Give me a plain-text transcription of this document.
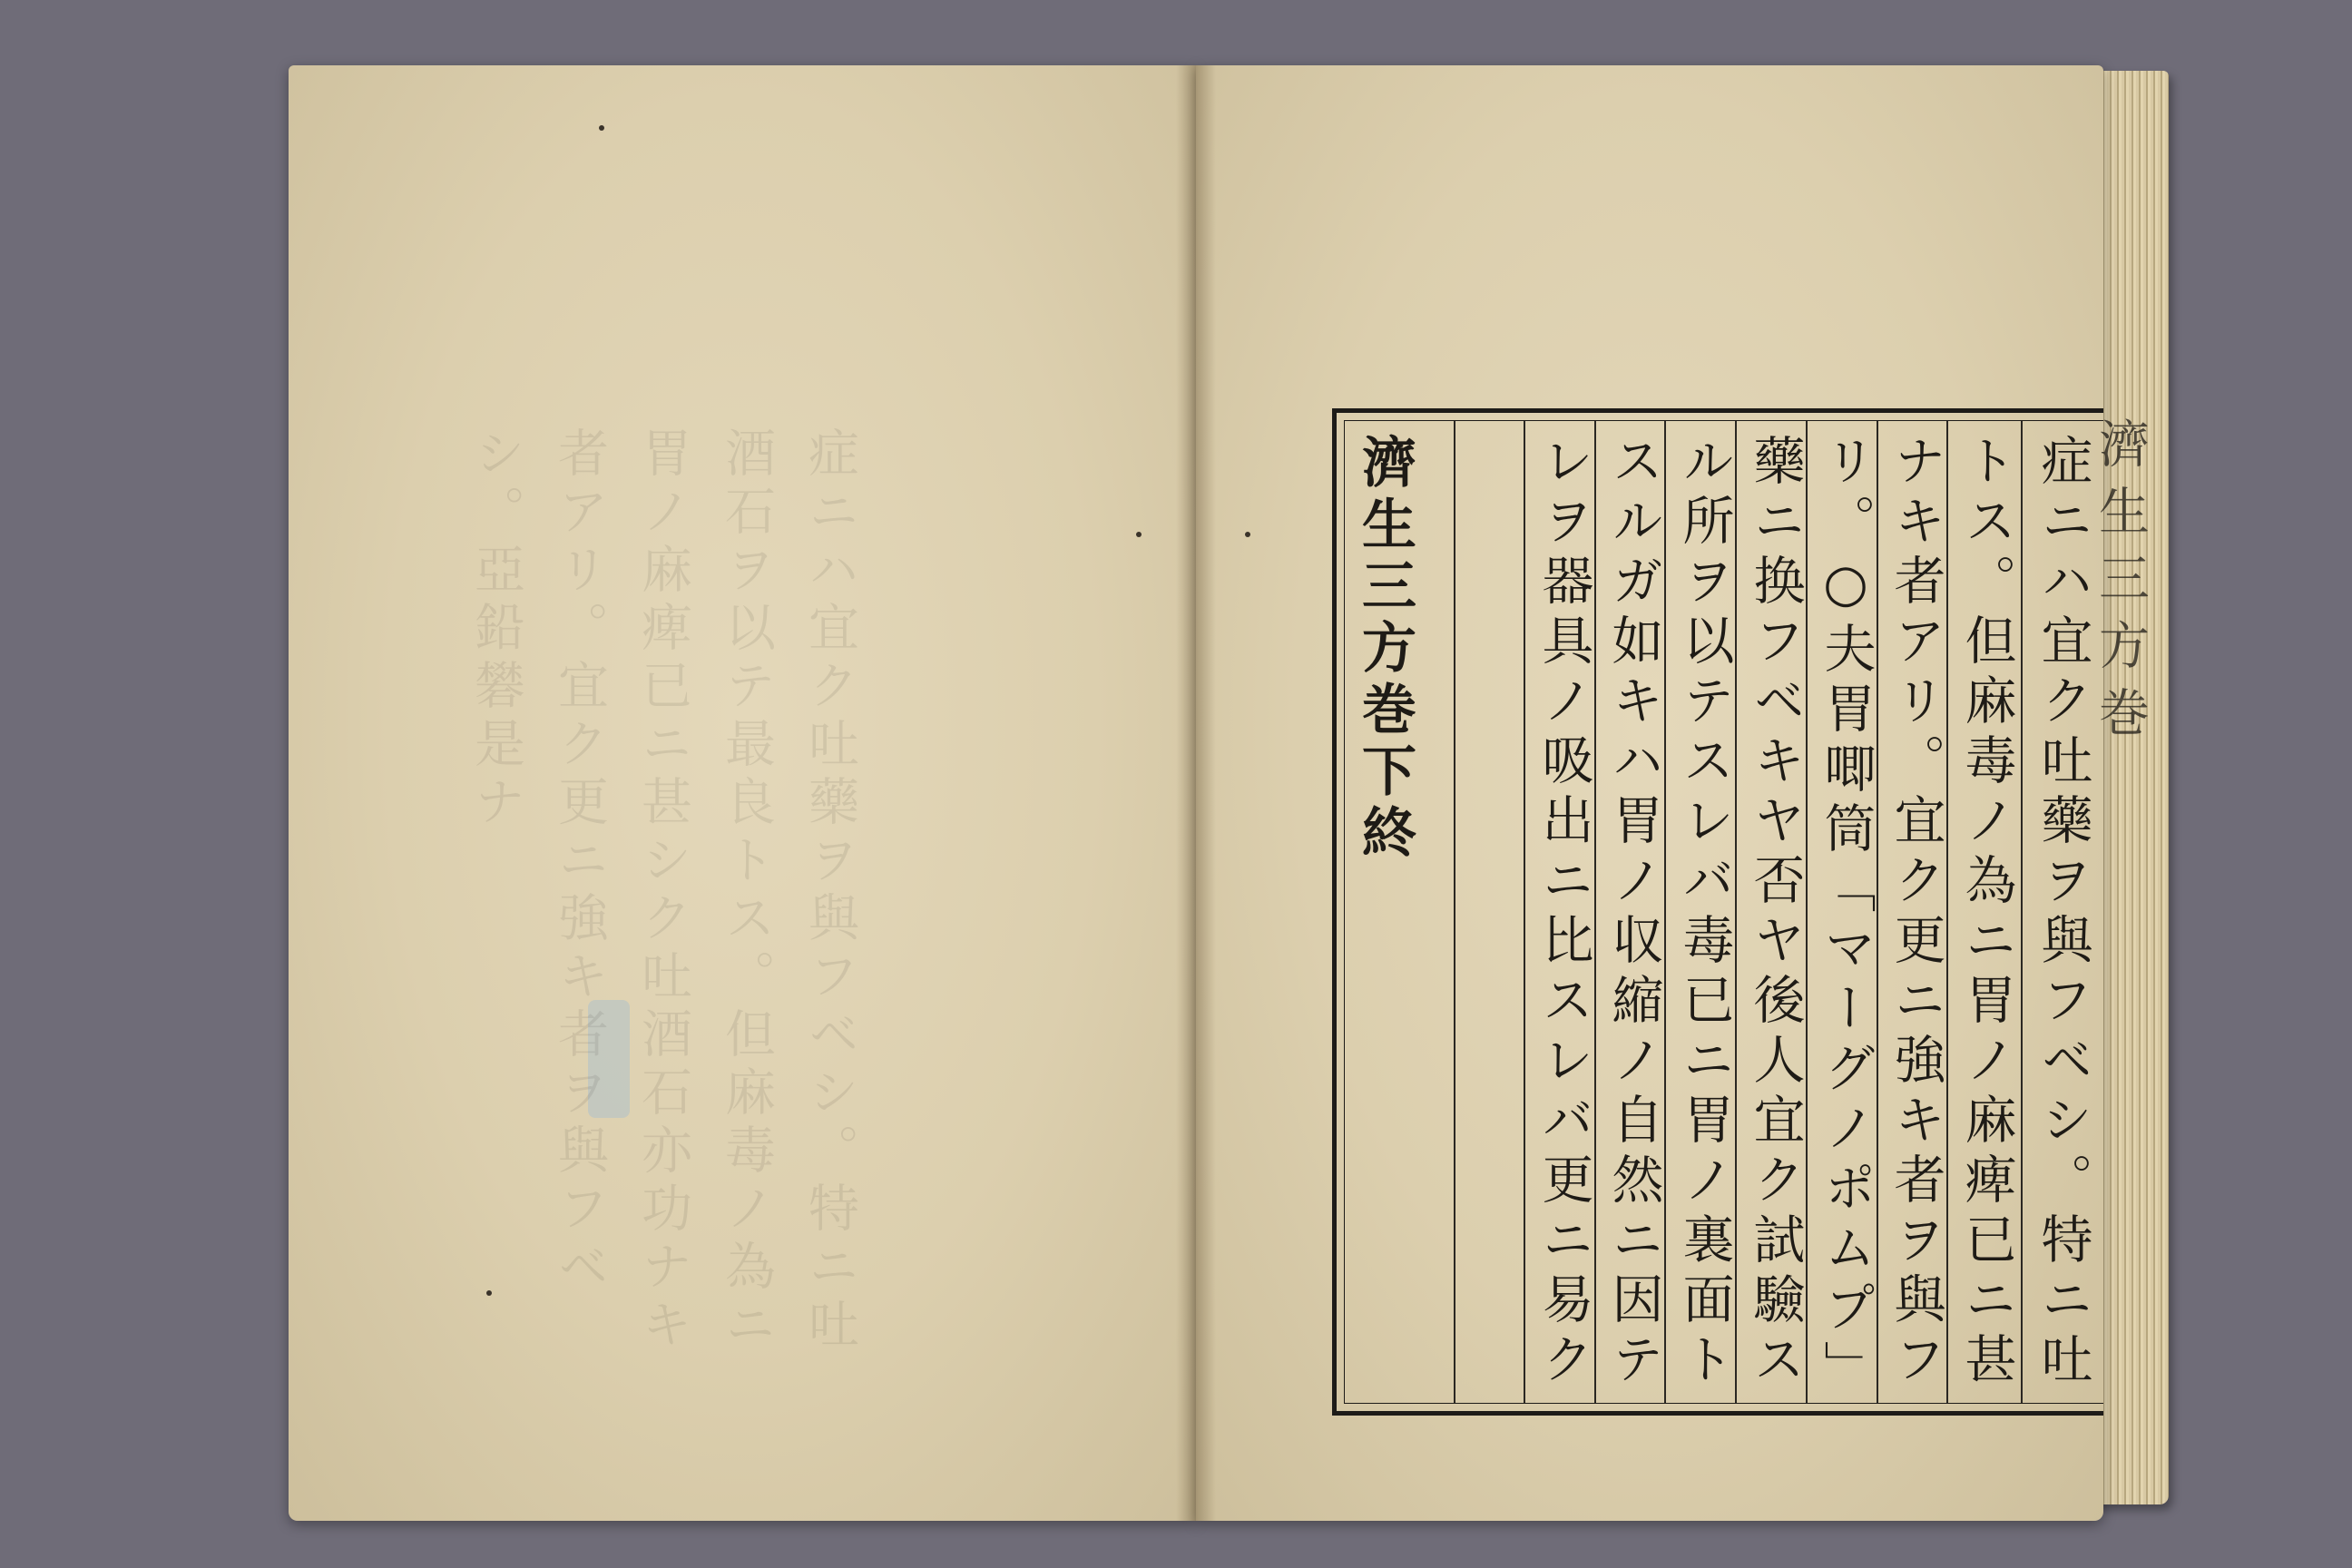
症ニハ宜ク吐藥ヲ與フベシ。特ニ吐酒石ヲ以テ最良トス。但麻毒ノ為ニ胃ノ麻痺已ニ甚シク吐酒石亦功ナキ者アリ。宜ク更ニ強キ者ヲ與フベシ。亞鉛礬是ナ	症ニハ宜ク吐藥ヲ與フベシ。特ニ吐
トス。但麻毒ノ為ニ胃ノ麻痺已ニ甚
ナキ者アリ。宜ク更ニ強キ者ヲ與フ
リ。○夫胃唧筒「マーグノポムプ」
藥ニ换フベキヤ否ヤ後人宜ク試驗ス
ル所ヲ以テスレバ毒已ニ胃ノ裏面ト
スルガ如キハ胃ノ収縮ノ自然ニ因テ
レヲ器具ノ吸出ニ比スレバ更ニ易ク
濟生三方巻下終	濟生三方巻
